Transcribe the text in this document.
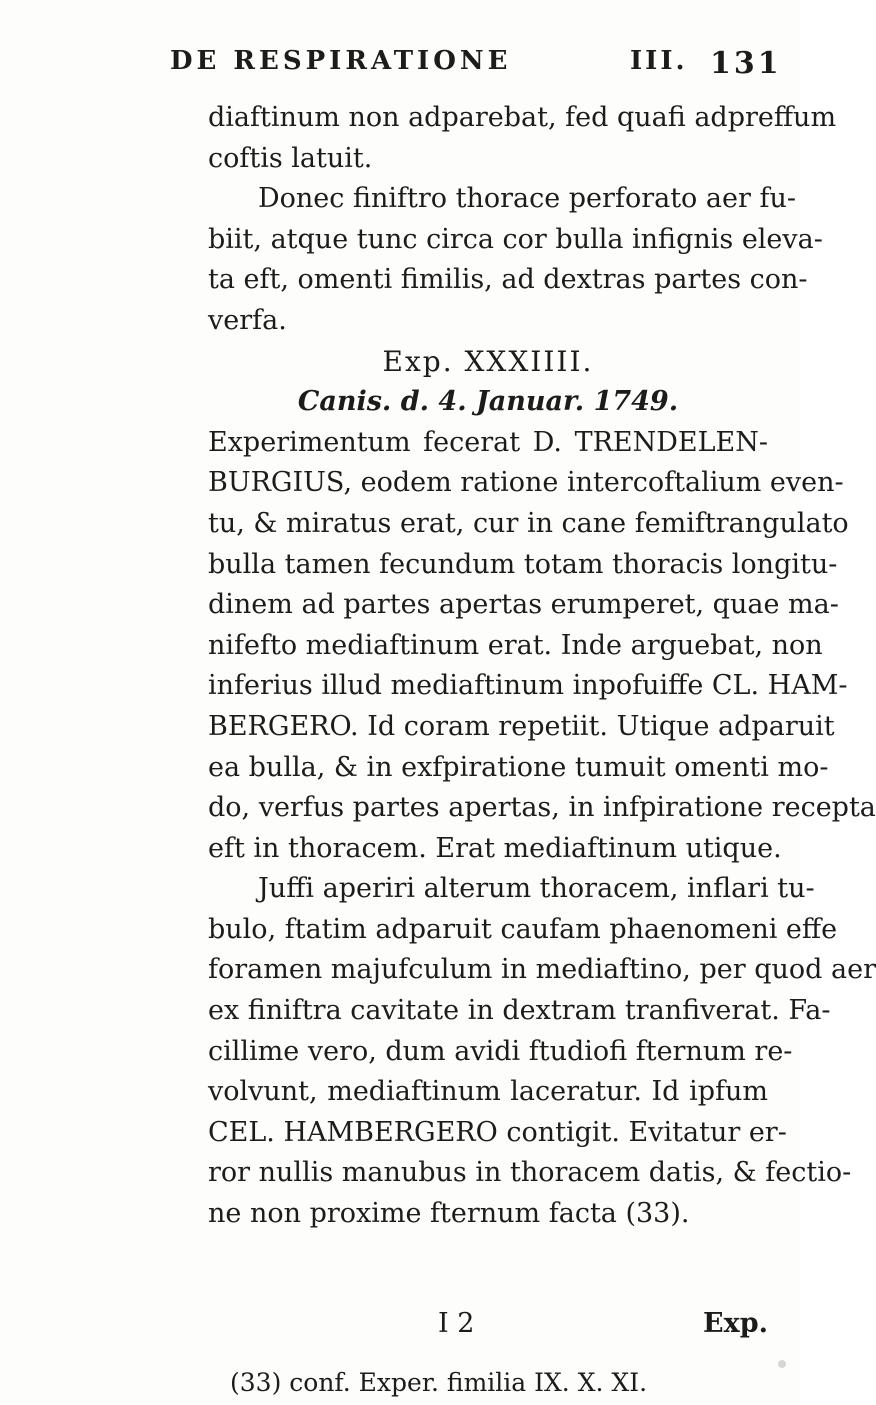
DE RESPIRATIONE	III. 131
diaftinum non adparebat, fed quafi adpreffum
coftis latuit.
Donec finiftro thorace perforato aer fu-
biit, atque tunc circa cor bulla infignis eleva-
ta eft, omenti fimilis, ad dextras partes con-
verfa.
Exp. XXXIIII.
Canis. d. 4. Januar. 1749.
Experimentum fecerat D. TRENDELEN-
BURGIUS, eodem ratione intercoftalium even-
tu, & miratus erat, cur in cane femiftrangulato
bulla tamen fecundum totam thoracis longitu-
dinem ad partes apertas erumperet, quae ma-
nifefto mediaftinum erat. Inde arguebat, non
inferius illud mediaftinum inpofuiffe CL. HAM-
BERGERO. Id coram repetiit. Utique adparuit
ea bulla, & in exfpiratione tumuit omenti mo-
do, verfus partes apertas, in infpiratione recepta
eft in thoracem. Erat mediaftinum utique.
Juffi aperiri alterum thoracem, inflari tu-
bulo, ftatim adparuit caufam phaenomeni effe
foramen majufculum in mediaftino, per quod aer
ex finiftra cavitate in dextram tranfiverat. Fa-
cillime vero, dum avidi ftudiofi fternum re-
volvunt, mediaftinum laceratur. Id ipfum
CEL. HAMBERGERO contigit. Evitatur er-
ror nullis manubus in thoracem datis, & fectio-
ne non proxime fternum facta (33).
I 2	Exp.
(33) conf. Exper. fimilia IX. X. XI.
